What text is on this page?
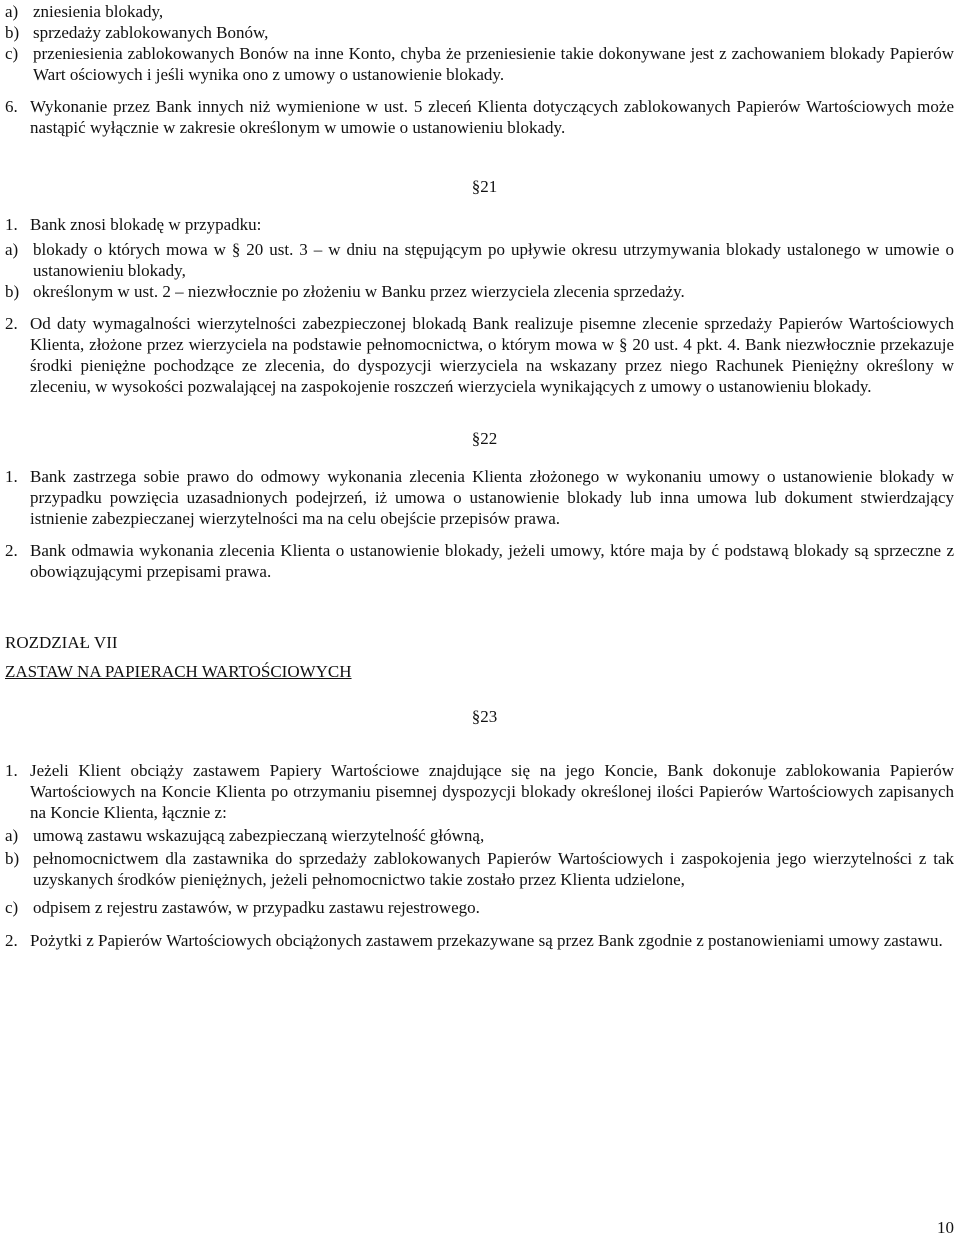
a) zniesienia blokady,
b) sprzedaży zablokowanych Bonów,
c) przeniesienia zablokowanych Bonów na inne Konto, chyba że przeniesienie takie dokonywane jest z zachowaniem blokady Papierów Wart ościowych i jeśli wynika ono z umowy o ustanowienie blokady.
6. Wykonanie przez Bank innych niż wymienione w ust. 5 zleceń Klienta dotyczących zablokowanych Papierów Wartościowych może nastąpić wyłącznie w zakresie określonym w umowie o ustanowieniu blokady.

§21

1. Bank znosi blokadę w przypadku:
a) blokady o których mowa w § 20 ust. 3 – w dniu na stępującym po upływie okresu utrzymywania blokady ustalonego w umowie o ustanowieniu blokady,
b) określonym w ust. 2 – niezwłocznie po złożeniu w Banku przez wierzyciela zlecenia sprzedaży.
2. Od daty wymagalności wierzytelności zabezpieczonej blokadą Bank realizuje pisemne zlecenie sprzedaży Papierów Wartościowych Klienta, złożone przez wierzyciela na podstawie pełnomocnictwa, o którym mowa w § 20 ust. 4 pkt. 4. Bank niezwłocznie przekazuje środki pieniężne pochodzące ze zlecenia, do dyspozycji wierzyciela na wskazany przez niego Rachunek Pieniężny określony w zleceniu, w wysokości pozwalającej na zaspokojenie roszczeń wierzyciela wynikających z umowy o ustanowieniu blokady.

§22

1. Bank zastrzega sobie prawo do odmowy wykonania zlecenia Klienta złożonego w wykonaniu umowy o ustanowienie blokady w przypadku powzięcia uzasadnionych podejrzeń, iż umowa o ustanowienie blokady lub inna umowa lub dokument stwierdzający istnienie zabezpieczanej wierzytelności ma na celu obejście przepisów prawa.
2. Bank odmawia wykonania zlecenia Klienta o ustanowienie blokady, jeżeli umowy, które maja by ć podstawą blokady są sprzeczne z obowiązującymi przepisami prawa.

ROZDZIAŁ VII

ZASTAW NA PAPIERACH WARTOŚCIOWYCH

§23

1. Jeżeli Klient obciąży zastawem Papiery Wartościowe znajdujące się na jego Koncie, Bank dokonuje zablokowania Papierów Wartościowych na Koncie Klienta po otrzymaniu pisemnej dyspozycji blokady określonej ilości Papierów Wartościowych zapisanych na Koncie Klienta, łącznie z:
a) umową zastawu wskazującą zabezpieczaną wierzytelność główną,
b) pełnomocnictwem dla zastawnika do sprzedaży zablokowanych Papierów Wartościowych i zaspokojenia jego wierzytelności z tak uzyskanych środków pieniężnych, jeżeli pełnomocnictwo takie zostało przez Klienta udzielone,
c) odpisem z rejestru zastawów, w przypadku zastawu rejestrowego.
2. Pożytki z Papierów Wartościowych obciążonych zastawem przekazywane są przez Bank zgodnie z postanowieniami umowy zastawu.
10
